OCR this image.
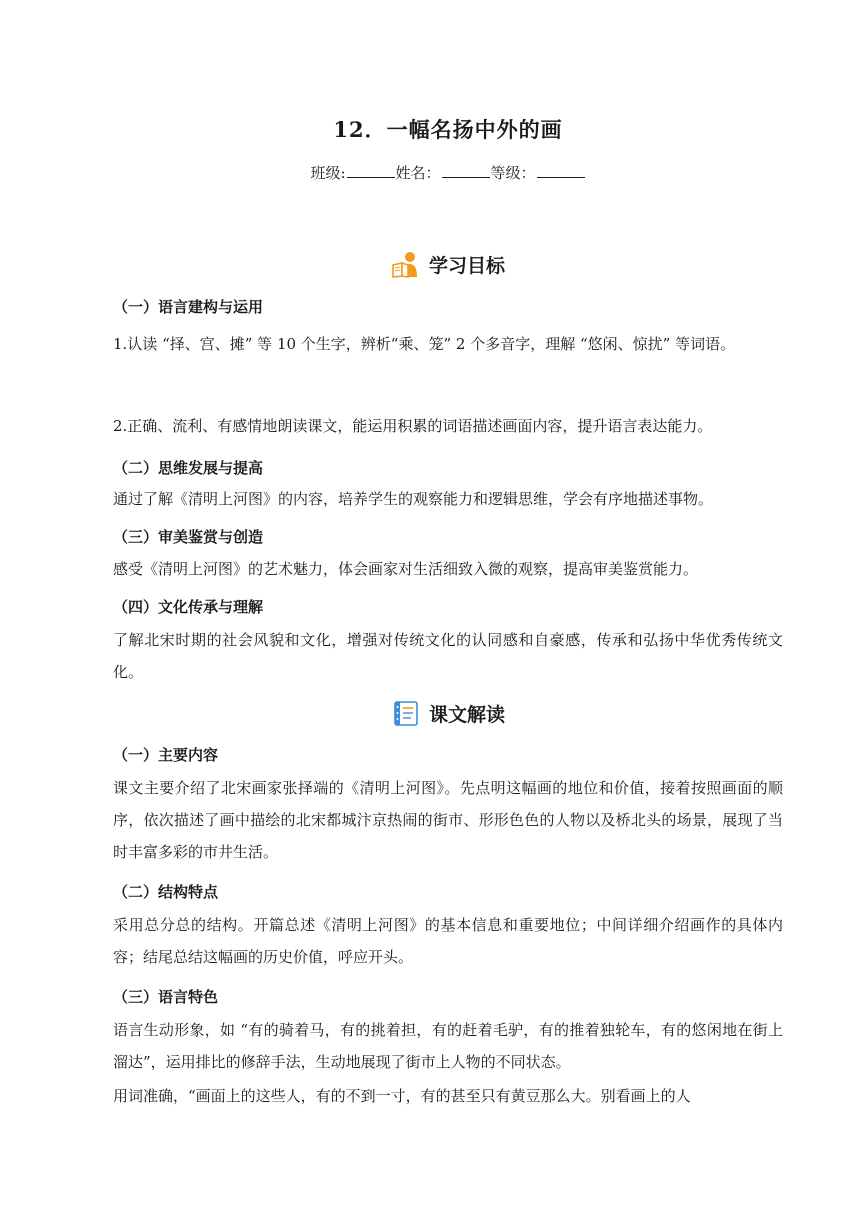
12．一幅名扬中外的画
班级:	姓名：	等级：
学习目标
（一）语言建构与运用

1.认读 “择、宫、摊” 等 10 个生字，辨析“乘、笼” 2 个多音字，理解 “悠闲、惊扰” 等词语。

2.正确、流利、有感情地朗读课文，能运用积累的词语描述画面内容，提升语言表达能力。

（二）思维发展与提高

通过了解《清明上河图》的内容，培养学生的观察能力和逻辑思维，学会有序地描述事物。

（三）审美鉴赏与创造

感受《清明上河图》的艺术魅力，体会画家对生活细致入微的观察，提高审美鉴赏能力。

（四）文化传承与理解

了解北宋时期的社会风貌和文化，增强对传统文化的认同感和自豪感，传承和弘扬中华优秀传统文化。

课文解读
（一）主要内容

课文主要介绍了北宋画家张择端的《清明上河图》。先点明这幅画的地位和价值，接着按照画面的顺序，依次描述了画中描绘的北宋都城汴京热闹的街市、形形色色的人物以及桥北头的场景，展现了当时丰富多彩的市井生活。

（二）结构特点

采用总分总的结构。开篇总述《清明上河图》的基本信息和重要地位；中间详细介绍画作的具体内容；结尾总结这幅画的历史价值，呼应开头。

（三）语言特色

语言生动形象，如 “有的骑着马，有的挑着担，有的赶着毛驴，有的推着独轮车，有的悠闲地在街上溜达”，运用排比的修辞手法，生动地展现了街市上人物的不同状态。

用词准确，“画面上的这些人，有的不到一寸，有的甚至只有黄豆那么大。别看画上的人
